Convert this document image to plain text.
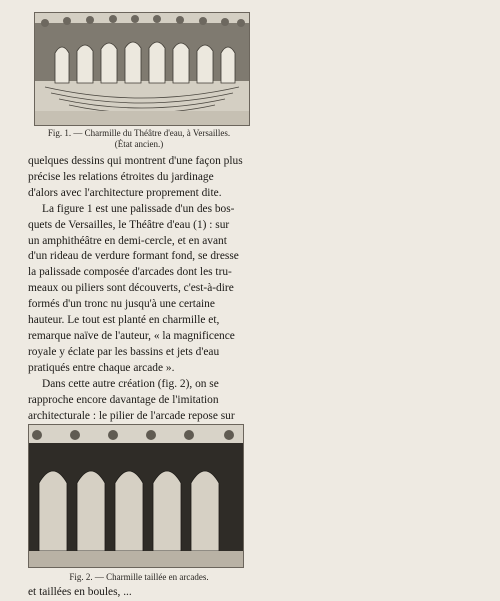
Fig. 1. — Charmille du Théâtre d'eau, à Versailles.
(État ancien.)

quelques dessins qui montrent d'une façon plus
précise les relations étroites du jardinage
d'alors avec l'architecture proprement dite.

La figure 1 est une palissade d'un des bos-
quets de Versailles, le Théâtre d'eau (1) : sur
un amphithéâtre en demi-cercle, et en avant
d'un rideau de verdure formant fond, se dresse
la palissade composée d'arcades dont les tru-
meaux ou piliers sont découverts, c'est-à-dire
formés d'un tronc nu jusqu'à une certaine
hauteur. Le tout est planté en charmille et,
remarque naïve de l'auteur, « la magnificence
royale y éclate par les bassins et jets d'eau
pratiqués entre chaque arcade ».

Dans cette autre création (fig. 2), on se
rapproche encore davantage de l'imitation
architecturale : le pilier de l'arcade repose sur

Fig. 2. — Charmille taillée en arcades.
et taillées en boules, ...
